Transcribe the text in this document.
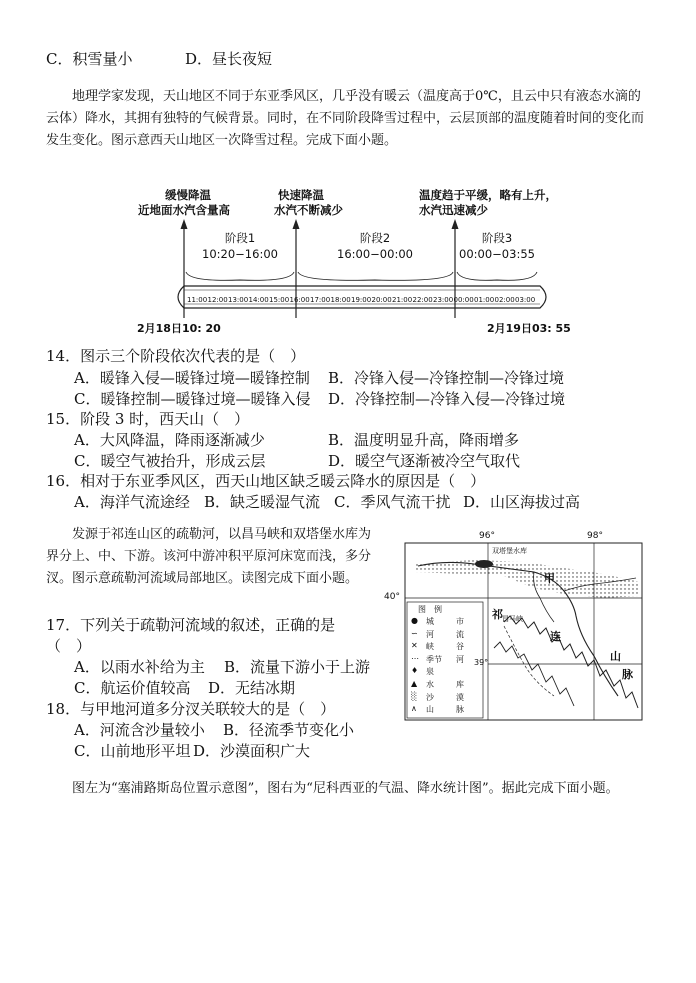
C．积雪量小	D．昼长夜短
地理学家发现，天山地区不同于东亚季风区，几乎没有暖云（温度高于0℃，且云中只有液态水滴的云体）降水，其拥有独特的气候背景。同时，在不同阶段降雪过程中，云层顶部的温度随着时间的变化而发生变化。图示意西天山地区一次降雪过程。完成下面小题。
缓慢降温
近地面水汽含量高
快速降温
水汽不断减少
温度趋于平缓，略有上升，
水汽迅速减少
阶段1
10:20−16:00
阶段2
16:00−00:00
阶段3
00:00−03:55
11:00 12:00 13:00 14:00 15:00 16:00 17:00 18:00 19:00 20:00 21:00 22:00 23:00 00:00 01:00 02:00 03:00
2月18日10: 20	2月19日03: 55
14．图示三个阶段依次代表的是（　）
A．暖锋入侵—暖锋过境—暖锋控制 B．冷锋入侵—冷锋控制—冷锋过境
C．暖锋控制—暖锋过境—暖锋入侵 D．冷锋控制—冷锋入侵—冷锋过境
15．阶段 3 时，西天山（　）
A．大风降温，降雨逐渐减少	B．温度明显升高，降雨增多
C．暖空气被抬升，形成云层	D．暖空气逐渐被冷空气取代
16．相对于东亚季风区，西天山地区缺乏暖云降水的原因是（　）
A．海洋气流途经 B．缺乏暖湿气流 C．季风气流干扰 D．山区海拔过高
发源于祁连山区的疏勒河，以昌马峡和双塔堡水库为界分上、中、下游。该河中游冲积平原河床宽而浅，多分汊。图示意疏勒河流域局部地区。读图完成下面小题。
17．下列关于疏勒河流域的叙述，正确的是
（　）
A．以雨水补给为主 B．流量下游小于上游
C．航运价值较高 D．无结冰期
18．与甲地河道多分汊关联较大的是（　）
A．河流含沙量较小 B．径流季节变化小
C．山前地形平坦 D．沙漠面积广大
96°	98°
40°
39°
双塔堡水库
甲
祁 昌马峡
连
山
脉
图　例
● 城	市
∽ 河	流
✕ 峡	谷
⋯ 季节 河
♦ 泉
▲ 水	库
░ 沙	漠
∧ 山	脉
图左为“塞浦路斯岛位置示意图”，图右为“尼科西亚的气温、降水统计图”。据此完成下面小题。
